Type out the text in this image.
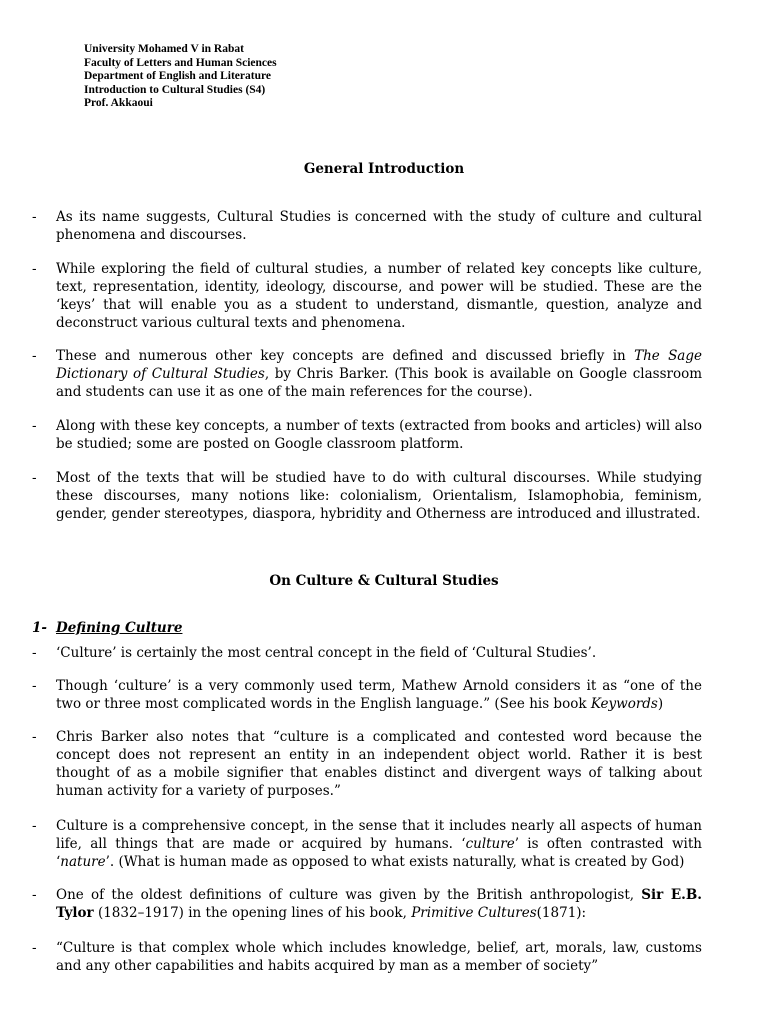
University Mohamed V in Rabat
Faculty of Letters and Human Sciences
Department of English and Literature
Introduction to Cultural Studies (S4)
Prof. Akkaoui
General Introduction
- As its name suggests, Cultural Studies is concerned with the study of culture and cultural phenomena and discourses.
- While exploring the field of cultural studies, a number of related key concepts like culture, text, representation, identity, ideology, discourse, and power will be studied. These are the ‘keys’ that will enable you as a student to understand, dismantle, question, analyze and deconstruct various cultural texts and phenomena.
- These and numerous other key concepts are defined and discussed briefly in The Sage Dictionary of Cultural Studies, by Chris Barker. (This book is available on Google classroom and students can use it as one of the main references for the course).
- Along with these key concepts, a number of texts (extracted from books and articles) will also be studied; some are posted on Google classroom platform.
- Most of the texts that will be studied have to do with cultural discourses. While studying these discourses, many notions like: colonialism, Orientalism, Islamophobia, feminism, gender, gender stereotypes, diaspora, hybridity and Otherness are introduced and illustrated.
On Culture & Cultural Studies
1- Defining Culture
- ‘Culture’ is certainly the most central concept in the field of ‘Cultural Studies’.
- Though ‘culture’ is a very commonly used term, Mathew Arnold considers it as “one of the two or three most complicated words in the English language.” (See his book Keywords)
- Chris Barker also notes that “culture is a complicated and contested word because the concept does not represent an entity in an independent object world. Rather it is best thought of as a mobile signifier that enables distinct and divergent ways of talking about human activity for a variety of purposes.”
- Culture is a comprehensive concept, in the sense that it includes nearly all aspects of human life, all things that are made or acquired by humans. ‘culture’ is often contrasted with ‘nature’. (What is human made as opposed to what exists naturally, what is created by God)
- One of the oldest definitions of culture was given by the British anthropologist, Sir E.B. Tylor (1832–1917) in the opening lines of his book, Primitive Cultures(1871):
- “Culture is that complex whole which includes knowledge, belief, art, morals, law, customs and any other capabilities and habits acquired by man as a member of society”
